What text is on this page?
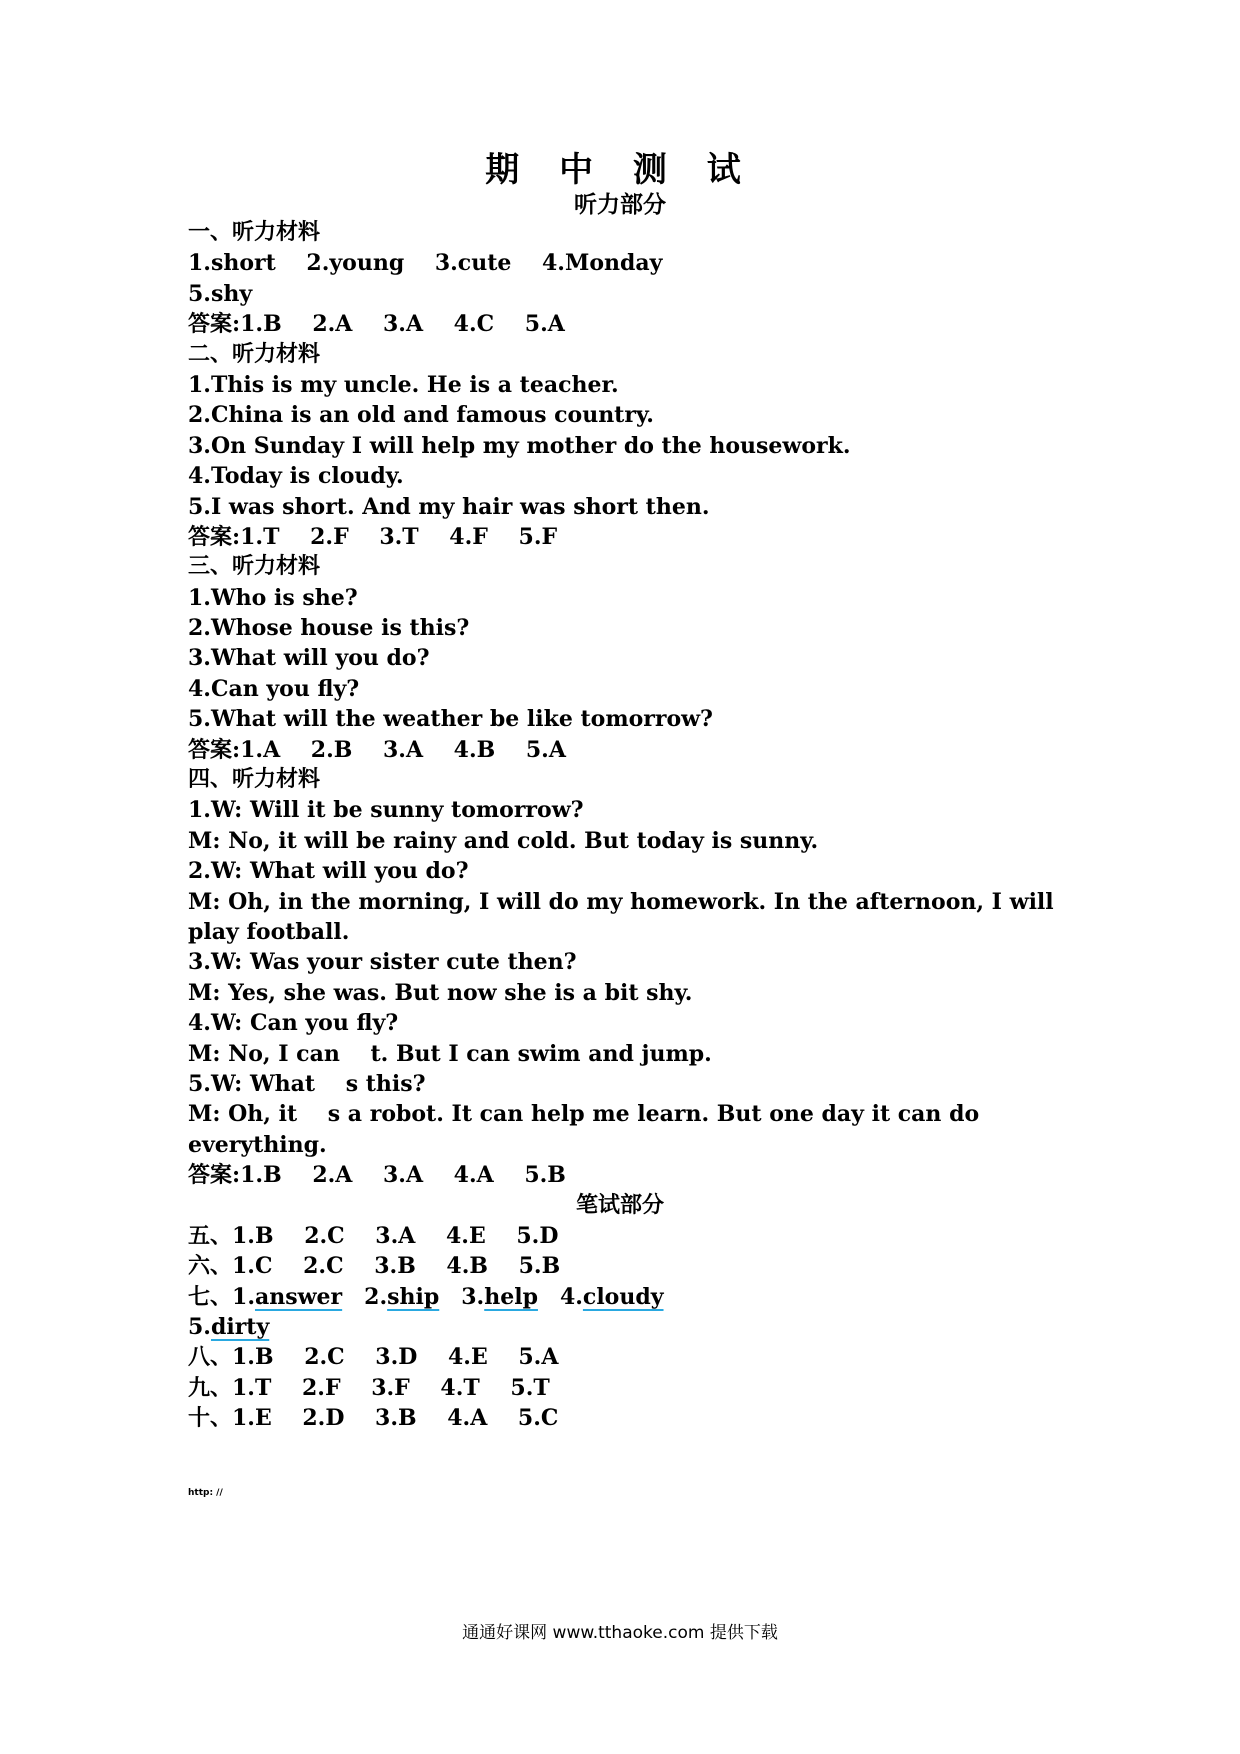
期 中 测 试
听力部分
一、听力材料
1.short    2.young    3.cute    4.Monday
5.shy
答案:1.B    2.A    3.A    4.C    5.A
二、听力材料
1.This is my uncle. He is a teacher.
2.China is an old and famous country.
3.On Sunday I will help my mother do the housework.
4.Today is cloudy.
5.I was short. And my hair was short then.
答案:1.T    2.F    3.T    4.F    5.F
三、听力材料
1.Who is she?
2.Whose house is this?
3.What will you do?
4.Can you fly?
5.What will the weather be like tomorrow?
答案:1.A    2.B    3.A    4.B    5.A
四、听力材料
1.W: Will it be sunny tomorrow?
M: No, it will be rainy and cold. But today is sunny.
2.W: What will you do?
M: Oh, in the morning, I will do my homework. In the afternoon, I will
play football.
3.W: Was your sister cute then?
M: Yes, she was. But now she is a bit shy.
4.W: Can you fly?
M: No, I can    t. But I can swim and jump.
5.W: What    s this?
M: Oh, it    s a robot. It can help me learn. But one day it can do
everything.
答案:1.B    2.A    3.A    4.A    5.B
笔试部分
五、1.B    2.C    3.A    4.E    5.D
六、1.C    2.C    3.B    4.B    5.B
七、1.answer 2.ship 3.help 4.cloudy
5.dirty
八、1.B    2.C    3.D    4.E    5.A
九、1.T    2.F    3.F    4.T    5.T
十、1.E    2.D    3.B    4.A    5.C
http: //
通通好课网 www.tthaoke.com 提供下载
